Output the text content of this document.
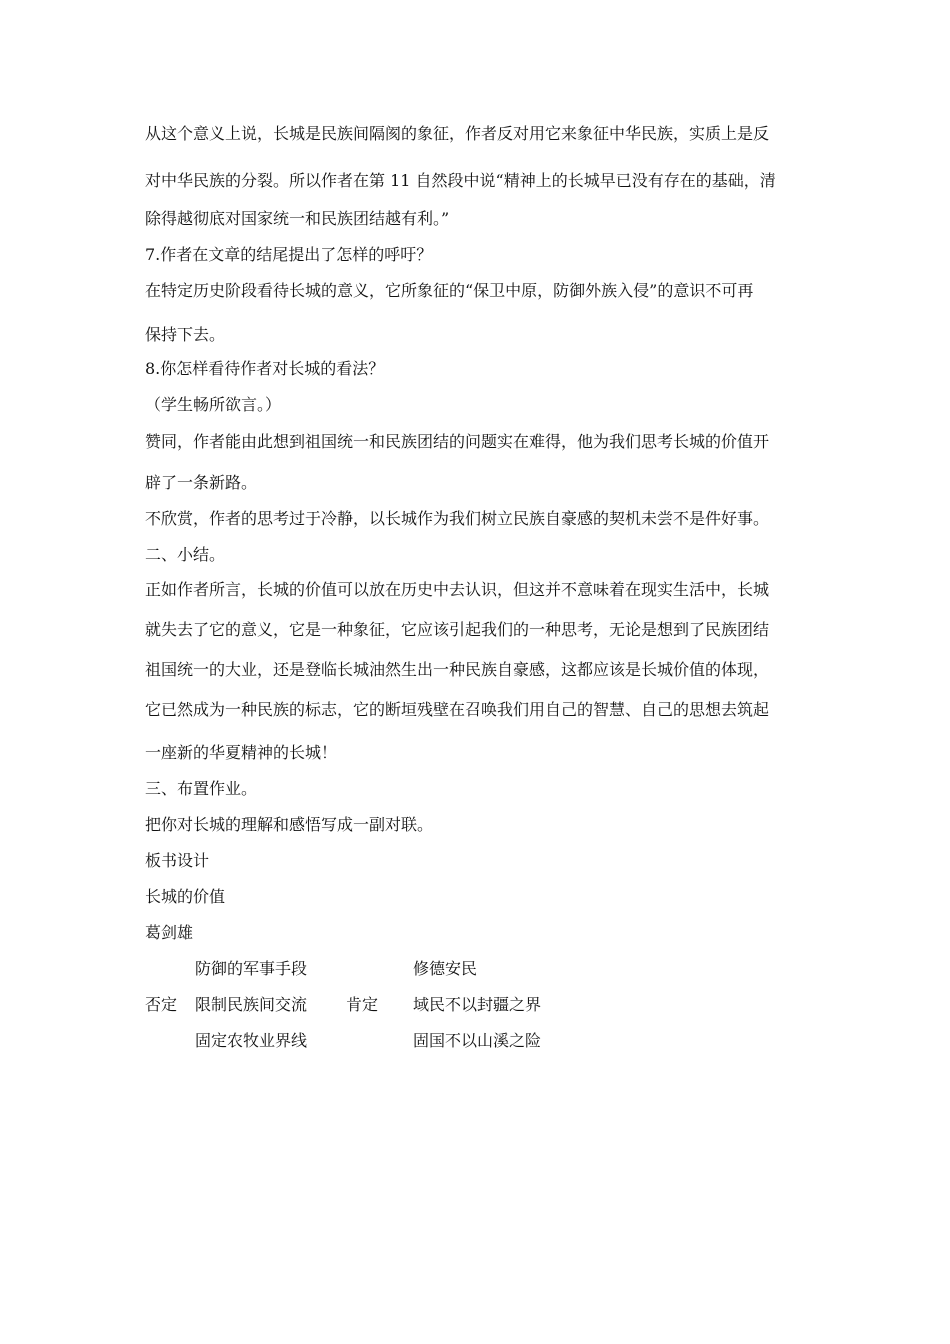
从这个意义上说，长城是民族间隔阂的象征，作者反对用它来象征中华民族，实质上是反
对中华民族的分裂。所以作者在第 11 自然段中说“精神上的长城早已没有存在的基础，清
除得越彻底对国家统一和民族团结越有利。”
7.作者在文章的结尾提出了怎样的呼吁？
在特定历史阶段看待长城的意义，它所象征的“保卫中原，防御外族入侵”的意识不可再
保持下去。
8.你怎样看待作者对长城的看法？
（学生畅所欲言。）
赞同，作者能由此想到祖国统一和民族团结的问题实在难得，他为我们思考长城的价值开
辟了一条新路。
不欣赏，作者的思考过于冷静，以长城作为我们树立民族自豪感的契机未尝不是件好事。
二、小结。
正如作者所言，长城的价值可以放在历史中去认识，但这并不意味着在现实生活中，长城
就失去了它的意义，它是一种象征，它应该引起我们的一种思考，无论是想到了民族团结
祖国统一的大业，还是登临长城油然生出一种民族自豪感，这都应该是长城价值的体现，
它已然成为一种民族的标志，它的断垣残壁在召唤我们用自己的智慧、自己的思想去筑起
一座新的华夏精神的长城！
三、布置作业。
把你对长城的理解和感悟写成一副对联。
板书设计
长城的价值
葛剑雄
防御的军事手段	修德安民
否定 限制民族间交流 肯定 域民不以封疆之界
固定农牧业界线	固国不以山溪之险
